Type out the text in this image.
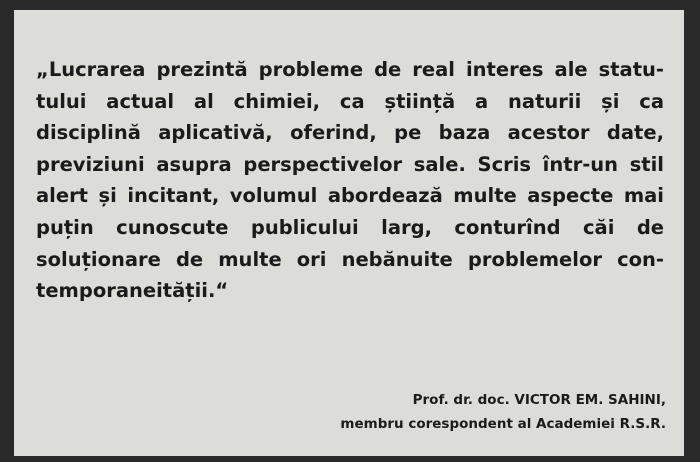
Okazii.ro „Lucrarea prezintă probleme de real interes ale statu-
tului actual al chimiei, ca știință a naturii și ca
disciplină aplicativă, oferind, pe baza acestor date,
previziuni asupra perspectivelor sale. Scris într-un stil
alert și incitant, volumul abordează multe aspecte mai
puțin cunoscute publicului larg, conturînd căi de
soluționare de multe ori nebănuite problemelor con-
temporaneității.“

Prof. dr. doc. VICTOR EM. SAHINI,
membru corespondent al Academiei R.S.R.
